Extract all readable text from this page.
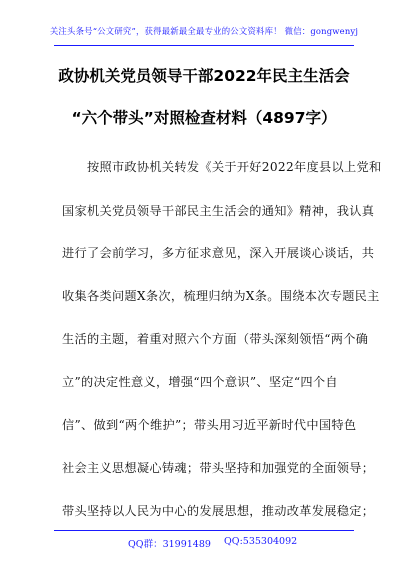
关注头条号“公文研究”，获得最新最全最专业的公文资料库！ 微信：gongwenyj
政协机关党员领导干部2022年民主生活会
“六个带头”对照检查材料（4897字）
　　按照市政协机关转发《关于开好2022年度县以上党和
国家机关党员领导干部民主生活会的通知》精神，我认真
进行了会前学习，多方征求意见，深入开展谈心谈话，共
收集各类问题X条次，梳理归纳为X条。围绕本次专题民主
生活的主题，着重对照六个方面（带头深刻领悟“两个确
立”的决定性意义，增强“四个意识”、坚定“四个自
信”、做到“两个维护”；带头用习近平新时代中国特色
社会主义思想凝心铸魂；带头坚持和加强党的全面领导；
带头坚持以人民为中心的发展思想，推动改革发展稳定；
QQ群：31991489 QQ:535304092
